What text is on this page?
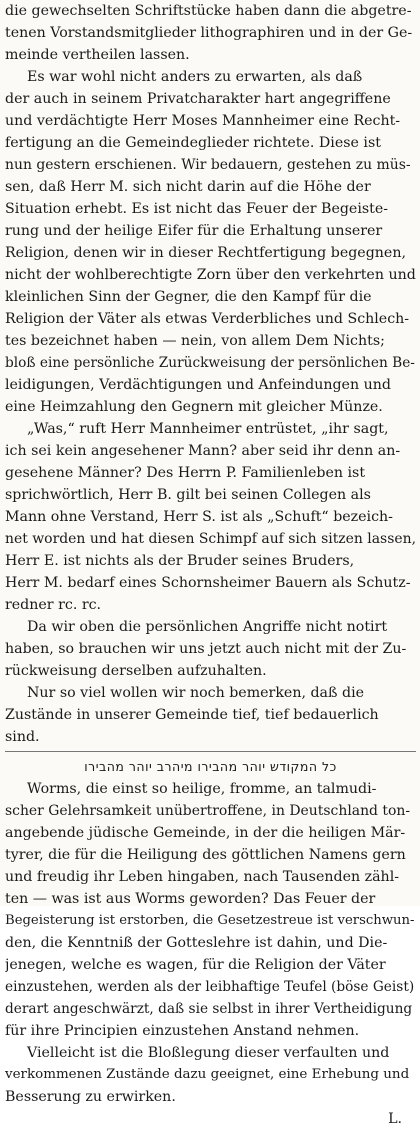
die gewechselten Schriftstücke haben dann die abgetre-
tenen Vorstandsmitglieder lithographiren und in der Ge-
meinde vertheilen lassen.
Es war wohl nicht anders zu erwarten, als daß
der auch in seinem Privatcharakter hart angegriffene
und verdächtigte Herr Moses Mannheimer eine Recht-
fertigung an die Gemeindeglieder richtete. Diese ist
nun gestern erschienen. Wir bedauern, gestehen zu müs-
sen, daß Herr M. sich nicht darin auf die Höhe der
Situation erhebt. Es ist nicht das Feuer der Begeiste-
rung und der heilige Eifer für die Erhaltung unserer
Religion, denen wir in dieser Rechtfertigung begegnen,
nicht der wohlberechtigte Zorn über den verkehrten und
kleinlichen Sinn der Gegner, die den Kampf für die
Religion der Väter als etwas Verderbliches und Schlech-
tes bezeichnet haben — nein, von allem Dem Nichts;
bloß eine persönliche Zurückweisung der persönlichen Be-
leidigungen, Verdächtigungen und Anfeindungen und
eine Heimzahlung den Gegnern mit gleicher Münze.
„Was,“ ruft Herr Mannheimer entrüstet, „ihr sagt,
ich sei kein angesehener Mann? aber seid ihr denn an-
gesehene Männer? Des Herrn P. Familienleben ist
sprichwörtlich, Herr B. gilt bei seinen Collegen als
Mann ohne Verstand, Herr S. ist als „Schuft“ bezeich-
net worden und hat diesen Schimpf auf sich sitzen lassen,
Herr E. ist nichts als der Bruder seines Bruders,
Herr M. bedarf eines Schornsheimer Bauern als Schutz-
redner rc. rc.
Da wir oben die persönlichen Angriffe nicht notirt
haben, so brauchen wir uns jetzt auch nicht mit der Zu-
rückweisung derselben aufzuhalten.
Nur so viel wollen wir noch bemerken, daß die
Zustände in unserer Gemeinde tief, tief bedauerlich
sind.
כל המקודש יוהר מהבירו מיהרב יוהר מהבירו
Worms, die einst so heilige, fromme, an talmudi-
scher Gelehrsamkeit unübertroffene, in Deutschland ton-
angebende jüdische Gemeinde, in der die heiligen Mär-
tyrer, die für die Heiligung des göttlichen Namens gern
und freudig ihr Leben hingaben, nach Tausenden zähl-
ten — was ist aus Worms geworden? Das Feuer der
Begeisterung ist erstorben, die Gesetzestreue ist verschwun-
den, die Kenntniß der Gotteslehre ist dahin, und Die-
jenegen, welche es wagen, für die Religion der Väter
einzustehen, werden als der leibhaftige Teufel (böse Geist)
derart angeschwärzt, daß sie selbst in ihrer Vertheidigung
für ihre Principien einzustehen Anstand nehmen.
Vielleicht ist die Bloßlegung dieser verfaulten und
verkommenen Zustände dazu geeignet, eine Erhebung und
Besserung zu erwirken.
L.
